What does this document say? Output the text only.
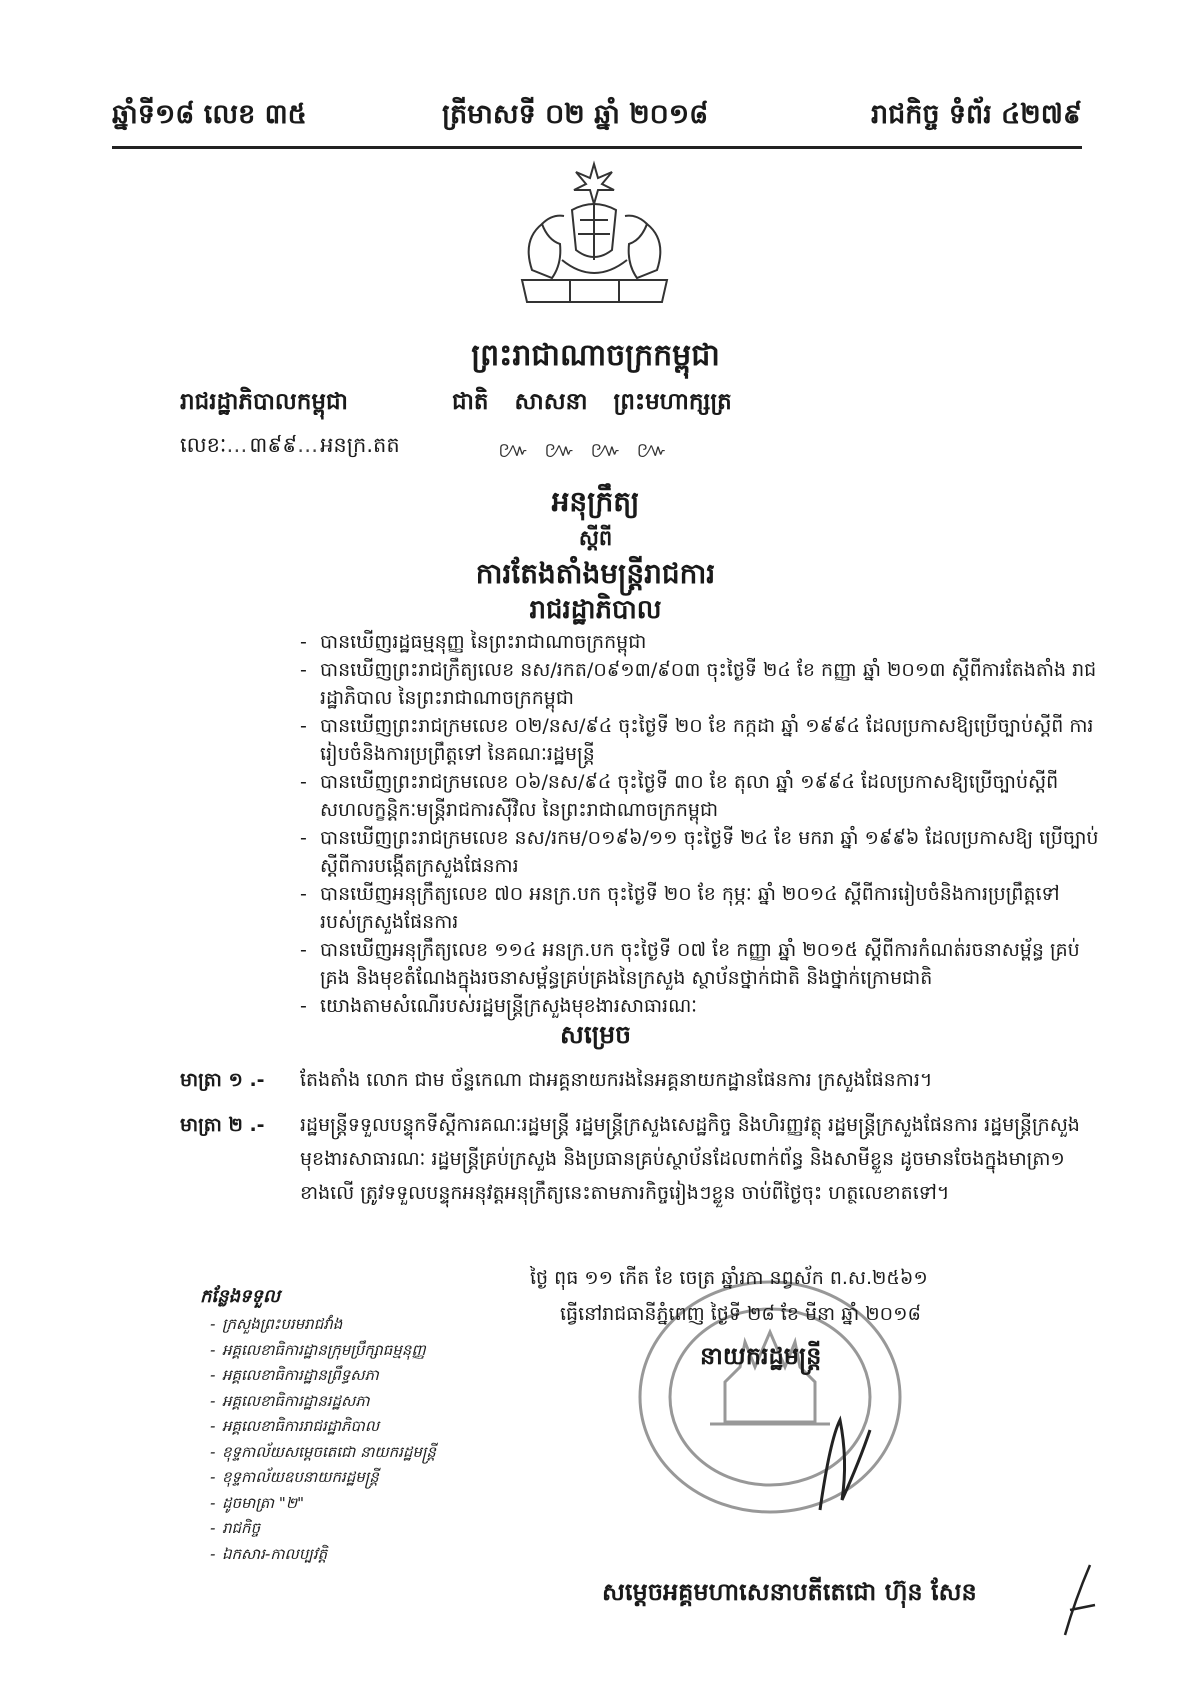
ឆ្នាំទី១៨ លេខ ៣៥	ត្រីមាសទី ០២ ឆ្នាំ ២០១៨	រាជកិច្ច ទំព័រ ៤២៧៩
ព្រះរាជាណាចក្រកម្ពុជា
រាជរដ្ឋាភិបាលកម្ពុជា	ជាតិ សាសនា ព្រះមហាក្សត្រ
លេខៈ…៣៩៩…អនក្រ.តត	៚ ៚ ៚ ៚
អនុក្រឹត្យ
ស្តីពី
ការតែងតាំងមន្ត្រីរាជការ
រាជរដ្ឋាភិបាល
- បានឃើញរដ្ឋធម្មនុញ្ញ នៃព្រះរាជាណាចក្រកម្ពុជា
- បានឃើញព្រះរាជក្រឹត្យលេខ នស/រកត/០៩១៣/៩០៣ ចុះថ្ងៃទី ២៤ ខែ កញ្ញា ឆ្នាំ ២០១៣ ស្តីពីការតែងតាំង រាជរដ្ឋាភិបាល នៃព្រះរាជាណាចក្រកម្ពុជា
- បានឃើញព្រះរាជក្រមលេខ ០២/នស/៩៤ ចុះថ្ងៃទី ២០ ខែ កក្កដា ឆ្នាំ ១៩៩៤ ដែលប្រកាសឱ្យប្រើច្បាប់ស្តីពី ការរៀបចំនិងការប្រព្រឹត្តទៅ នៃគណៈរដ្ឋមន្ត្រី
- បានឃើញព្រះរាជក្រមលេខ ០៦/នស/៩៤ ចុះថ្ងៃទី ៣០ ខែ តុលា ឆ្នាំ ១៩៩៤ ដែលប្រកាសឱ្យប្រើច្បាប់ស្តីពី សហលក្ខន្តិកៈមន្ត្រីរាជការស៊ីវិល នៃព្រះរាជាណាចក្រកម្ពុជា
- បានឃើញព្រះរាជក្រមលេខ នស/រកម/០១៩៦/១១ ចុះថ្ងៃទី ២៤ ខែ មករា ឆ្នាំ ១៩៩៦ ដែលប្រកាសឱ្យ ប្រើច្បាប់ ស្តីពីការបង្កើតក្រសួងផែនការ
- បានឃើញអនុក្រឹត្យលេខ ៧០ អនក្រ.បក ចុះថ្ងៃទី ២០ ខែ កុម្ភៈ ឆ្នាំ ២០១៤ ស្តីពីការរៀបចំនិងការប្រព្រឹត្តទៅ របស់ក្រសួងផែនការ
- បានឃើញអនុក្រឹត្យលេខ ១១៤ អនក្រ.បក ចុះថ្ងៃទី ០៧ ខែ កញ្ញា ឆ្នាំ ២០១៥ ស្តីពីការកំណត់រចនាសម្ព័ន្ធ គ្រប់គ្រង និងមុខតំណែងក្នុងរចនាសម្ព័ន្ធគ្រប់គ្រងនៃក្រសួង ស្ថាប័នថ្នាក់ជាតិ និងថ្នាក់ក្រោមជាតិ
- យោងតាមសំណើរបស់រដ្ឋមន្ត្រីក្រសួងមុខងារសាធារណៈ
សម្រេច
មាត្រា ១ .-	តែងតាំង លោក ជាម ច័ន្ទកេណា ជាអគ្គនាយករងនៃអគ្គនាយកដ្ឋានផែនការ ក្រសួងផែនការ។
មាត្រា ២ .-	រដ្ឋមន្ត្រីទទួលបន្ទុកទីស្តីការគណៈរដ្ឋមន្ត្រី រដ្ឋមន្ត្រីក្រសួងសេដ្ឋកិច្ច និងហិរញ្ញវត្ថុ រដ្ឋមន្ត្រីក្រសួងផែនការ រដ្ឋមន្ត្រីក្រសួងមុខងារសាធារណៈ រដ្ឋមន្ត្រីគ្រប់ក្រសួង និងប្រធានគ្រប់ស្ថាប័នដែលពាក់ព័ន្ធ និងសាមីខ្លួន ដូចមានចែងក្នុងមាត្រា១ ខាងលើ ត្រូវទទួលបន្ទុកអនុវត្តអនុក្រឹត្យនេះតាមភារកិច្ចរៀងៗខ្លួន ចាប់ពីថ្ងៃចុះ ហត្ថលេខាតទៅ។
ថ្ងៃ ពុធ ១១ កើត ខែ ចេត្រ ឆ្នាំរកា នព្វស័ក ព.ស.២៥៦១
ធ្វើនៅរាជធានីភ្នំពេញ ថ្ងៃទី ២៨ ខែ មីនា ឆ្នាំ ២០១៨
នាយករដ្ឋមន្ត្រី
សម្តេចអគ្គមហាសេនាបតីតេជោ ហ៊ុន សែន
កន្លែងទទួល
- ក្រសួងព្រះបរមរាជវាំង
- អគ្គលេខាធិការដ្ឋានក្រុមប្រឹក្សាធម្មនុញ្ញ
- អគ្គលេខាធិការដ្ឋានព្រឹទ្ធសភា
- អគ្គលេខាធិការដ្ឋានរដ្ឋសភា
- អគ្គលេខាធិការរាជរដ្ឋាភិបាល
- ខុទ្ទកាល័យសម្តេចតេជោ នាយករដ្ឋមន្ត្រី
- ខុទ្ទកាល័យឧបនាយករដ្ឋមន្ត្រី
- ដូចមាត្រា "២"
- រាជកិច្ច
- ឯកសារ-កាលប្បវត្តិ
